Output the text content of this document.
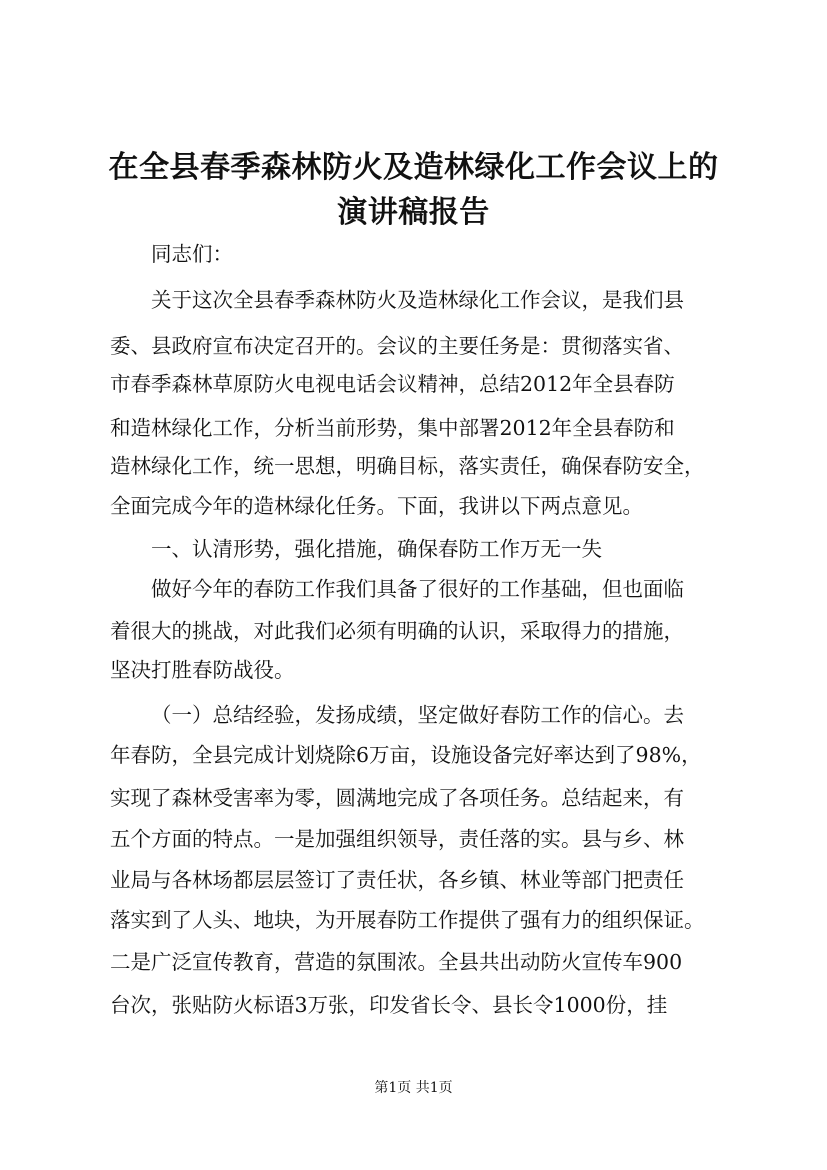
在全县春季森林防火及造林绿化工作会议上的
演讲稿报告

同志们：

关于这次全县春季森林防火及造林绿化工作会议，是我们县

委、县政府宣布决定召开的。会议的主要任务是：贯彻落实省、

市春季森林草原防火电视电话会议精神，总结2012年全县春防

和造林绿化工作，分析当前形势，集中部署2012年全县春防和

造林绿化工作，统一思想，明确目标，落实责任，确保春防安全，

全面完成今年的造林绿化任务。下面，我讲以下两点意见。

一、认清形势，强化措施，确保春防工作万无一失

做好今年的春防工作我们具备了很好的工作基础，但也面临

着很大的挑战，对此我们必须有明确的认识，采取得力的措施，

坚决打胜春防战役。

（一）总结经验，发扬成绩，坚定做好春防工作的信心。去

年春防，全县完成计划烧除6万亩，设施设备完好率达到了98%，

实现了森林受害率为零，圆满地完成了各项任务。总结起来，有

五个方面的特点。一是加强组织领导，责任落的实。县与乡、林

业局与各林场都层层签订了责任状，各乡镇、林业等部门把责任

落实到了人头、地块，为开展春防工作提供了强有力的组织保证。

二是广泛宣传教育，营造的氛围浓。全县共出动防火宣传车900

台次，张贴防火标语3万张，印发省长令、县长令1000份，挂

第1页 共1页
